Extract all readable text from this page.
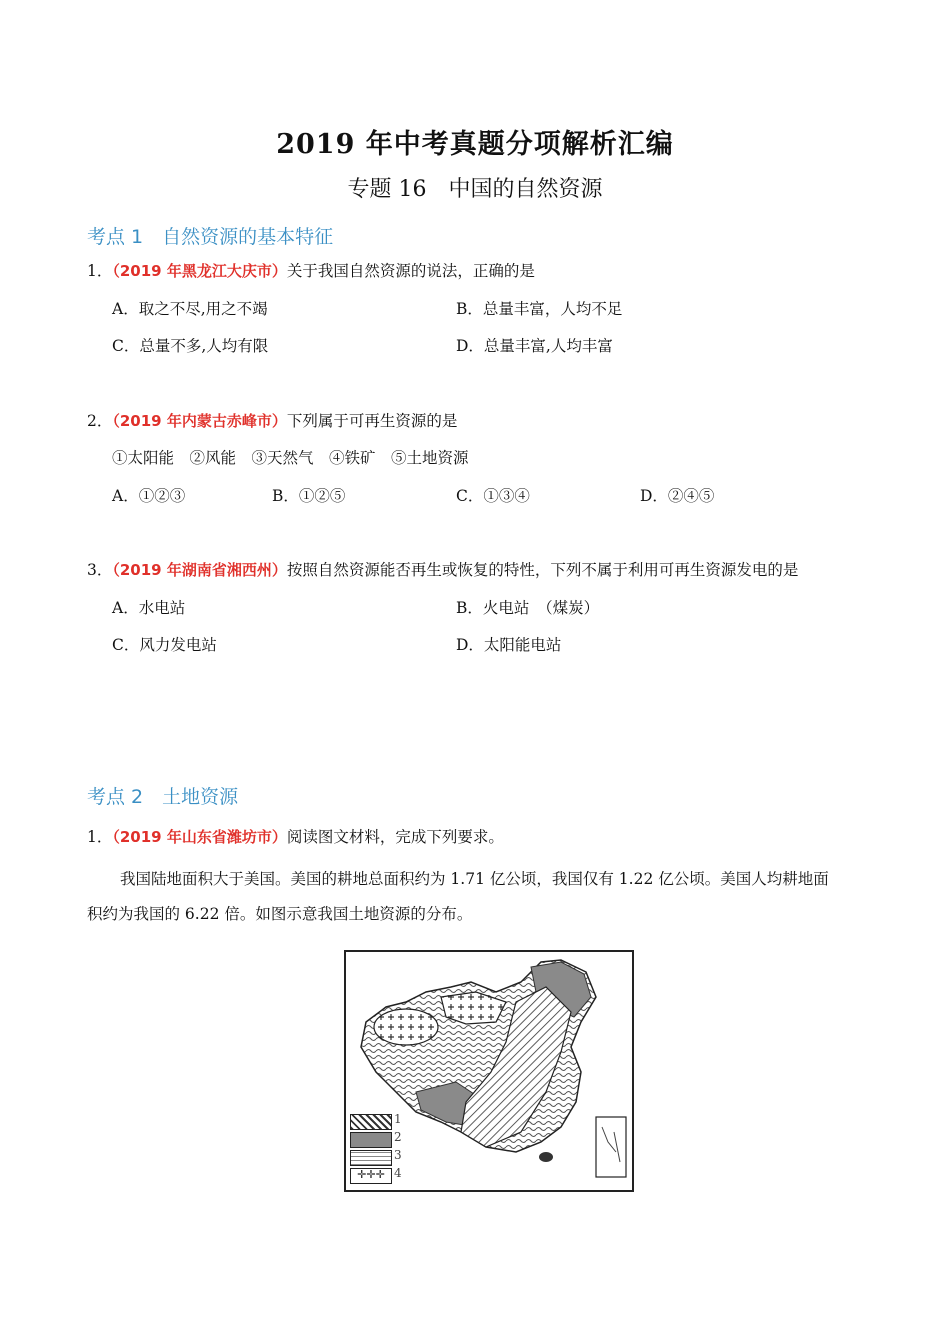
2019 年中考真题分项解析汇编
专题 16　中国的自然资源
考点 1　自然资源的基本特征
1．（2019 年黑龙江大庆市）关于我国自然资源的说法，正确的是
A．取之不尽,用之不竭	B．总量丰富，人均不足
C．总量不多,人均有限	D．总量丰富,人均丰富
2．（2019 年内蒙古赤峰市）下列属于可再生资源的是
①太阳能　②风能　③天然气　④铁矿　⑤土地资源
A．①②③	B．①②⑤	C．①③④	D．②④⑤
3．（2019 年湖南省湘西州）按照自然资源能否再生或恢复的特性，下列不属于利用可再生资源发电的是
A．水电站	B．火电站　（煤炭）
C．风力发电站	D．太阳能电站
考点 2　土地资源
1．（2019 年山东省潍坊市）阅读图文材料，完成下列要求。
我国陆地面积大于美国。美国的耕地总面积约为 1.71 亿公顷，我国仅有 1.22 亿公顷。美国人均耕地面
积约为我国的 6.22 倍。如图示意我国土地资源的分布。
1
2
3
✛✛✛ 4
